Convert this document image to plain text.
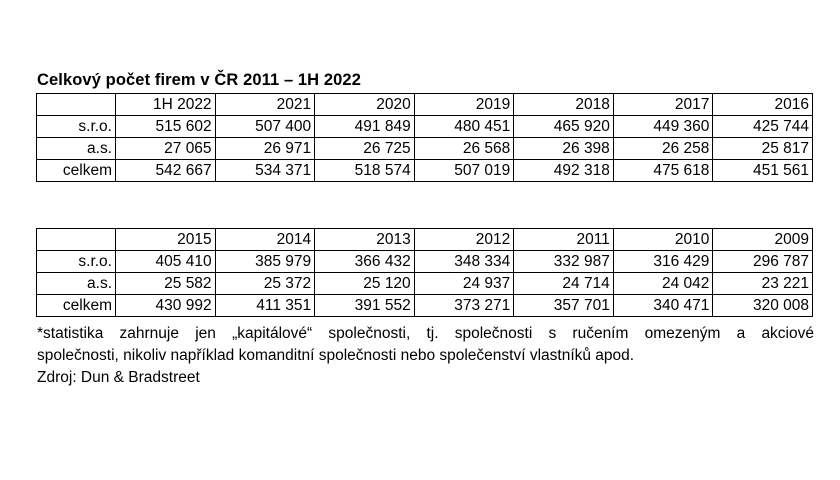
Celkový počet firem v ČR 2011 – 1H 2022
	1H 2022	2021	2020	2019	2018	2017	2016
s.r.o.	515 602	507 400	491 849	480 451	465 920	449 360	425 744
a.s.	27 065	26 971	26 725	26 568	26 398	26 258	25 817
celkem	542 667	534 371	518 574	507 019	492 318	475 618	451 561
	2015	2014	2013	2012	2011	2010	2009
s.r.o.	405 410	385 979	366 432	348 334	332 987	316 429	296 787
a.s.	25 582	25 372	25 120	24 937	24 714	24 042	23 221
celkem	430 992	411 351	391 552	373 271	357 701	340 471	320 008

*statistika zahrnuje jen „kapitálové“ společnosti, tj. společnosti s ručením omezeným a akciové

společnosti, nikoliv například komanditní společnosti nebo společenství vlastníků apod.

Zdroj: Dun & Bradstreet
